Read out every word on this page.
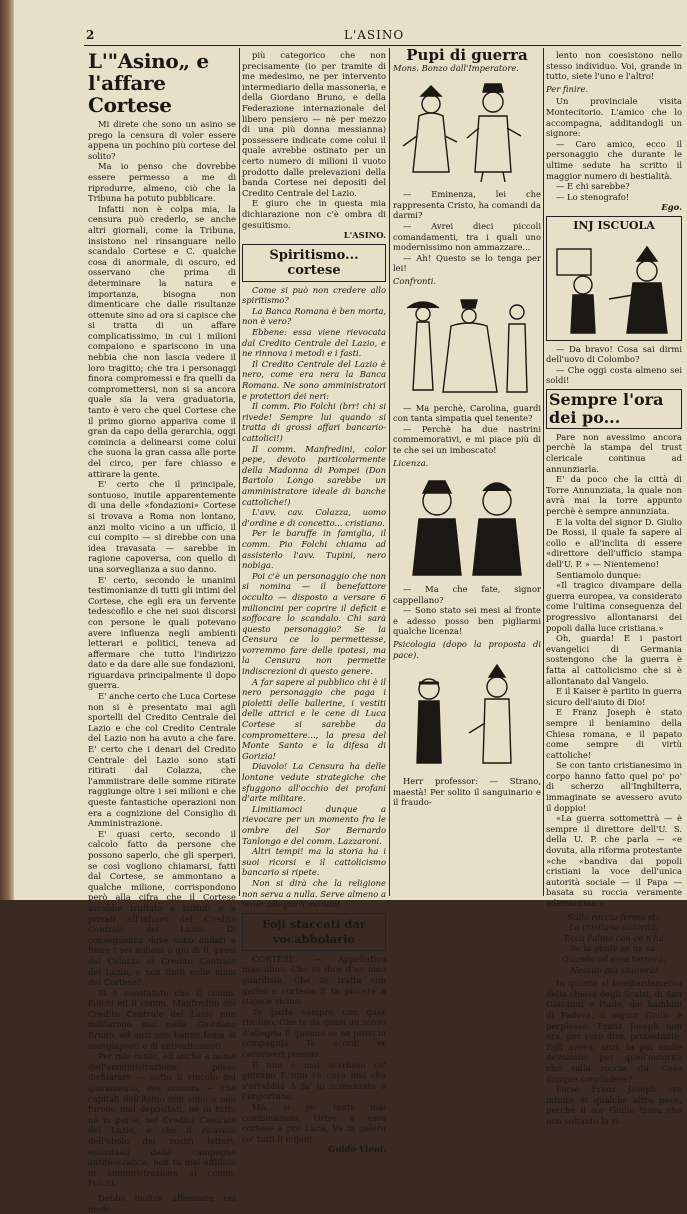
2	L'ASINO
L'"Asino„ e l'affare Cortese

Mi direte che sono un asino se prego la censura di voler essere appena un pochino più cortese del solito?

Ma io penso che dovrebbe essere permesso a me di riprodurre, almeno, ciò che la Tribuna ha potuto pubblicare.

Infatti non è colpa mia, la censura può crederlo, se anche altri giornali, come la Tribuna, insistono nel rinsanguare nello scandalo Cortese e C. qualche cosa di anormale, di oscuro, ed osservano che prima di determinare la natura e importanza, bisogna non dimenticare che dalle risultanze ottenute sino ad ora si capisce che si tratta di un affare complicatissimo, in cui i milioni compaiono e spariscono in una nebbia che non lascia vedere il loro tragitto; che tra i personaggi finora compromessi e fra quelli da compromettersi, non si sa ancora quale sia la vera graduatoria, tanto è vero che quel Cortese che il primo giorno appariva come il gran da capo della gerarchia, oggi comincia a delinearsi come colui che suona la gran cassa alle porte del circo, per fare chiasso e attirare la gente.

E' certo che il principale, sontuoso, inutile apparentemente di una delle «fondazioni» Cortese si trovava a Roma non lontano, anzi molto vicino a un ufficio, il cui compito — si direbbe con una idea travasata — sarebbe in ragione capoversa, con quello di una sorveglianza a suo danno.

E' certo, secondo le unanimi testimonianze di tutti gli intimi del Cortese, che egli era un fervente tedescofilo e che nei suoi discorsi con persone le quali potevano avere influenza negli ambienti letterari e politici, teneva ad affermare che tutto l'indirizzo dato e da dare alle sue fondazioni, riguardava principalmente il dopo guerra.

E' anche certo che Luca Cortese non si è presentato mai agli sportelli del Credito Centrale del Lazio e che col Credito Centrale del Lazio non ha avuto a che fare. E' certo che i denari del Credito Centrale del Lazio sono stati ritirati dal Colazza, che l'ammiistrare delle somme ritirate raggiunge oltre i sei milioni e che queste fantastiche operazioni non era a cognizione del Consiglio di Amministrazione.

E' quasi certo, secondo il calcolo fatto da persone che possono saperlo, che gli sperperi, se così vogliono chiamarsi, fatti dal Cortese, se ammontano a qualche milione, corrispondono però alla cifra che il Cortese avrebbe truffato a istituti e a privati all'infuori del Credito Centrale del Lazio. Di conseguenza dove sono andati a finire i sei milioni o giù di lì, presi dal Colazza al Credito Centrale del Lazio, e non finiti nelle mani del Cortese?

Si è constatato che il comm. Folchi ed il comm. Manfredini del Credito Centrale del Lazio non militarono mai nella Giordano Bruno, ed anzi non hanno fama di mangiapreti e di antivaticanisti.

Per mio conto, ed anche a nome dell'amministrazione, posso dichiarare — sotto il vincolo del giuramento, ove occorra — che capitali dell'Asino non sono e non furono mai depositati, nè in tutto nè in parte, nel Credito Centrale del Lazio, e che il ricavato dell'obolo dei nostri lettori, entusiasti della campagna antiteocratica, non fu mai affidato in amministrazione al comm. Folchi.

Debbo inoltre affermare nel modo

più categorico che non precisamente (io per tramite di me medesimo, ne per intervento intermediario della massoneria, e della Giordano Bruno, e della Federazione internazionale del libero pensiero — nè per mezzo di una più donna messianna) possessere indicate come colui il quale avrebbe ostinato per un certo numero di milioni il vuoto prodotto dalle prelevazioni della banda Cortese nei depositi del Credito Centrale del Lazio.

E giuro che in questa mia dichiarazione non c'è ombra di gesuitismo.

L'ASINO.
Spiritismo... cortese

Come si può non credere allo spiritismo?

La Banca Romana è ben morta, non è vero?

Ebbene: essa viene rievocata dal Credito Centrale del Lazio, e ne rinnova i metodi e i fasti.

Il Credito Centrale del Lazio è nero, come era nera la Banca Romana. Ne sono amministratori e protettori dei neri:

Il comm. Pio Folchi (brr! chi si rivede! Sempre lui quando si tratta di grossi affari bancario-cattolici!)

Il comm. Manfredini, color pepe, devoto particolarmente della Madonna di Pompei (Don Bartolo Longo sarebbe un amministratore ideale di banche cattoliche!)

L'avv. cav. Colazza, uomo d'ordine e di concetto... cristiano.

Per le baruffe in famiglia, il comm. Pio Folchi chiama ad assisterlo l'avv. Tupini, nero nobiga.

Poi c'è un personaggio che non si nomina — il benefattore occulto — disposto a versare 6 milioncini per coprire il deficit e soffocare lo scandalo. Chi sarà questo personaggio? Se la Censura ce lo permettesse, vorremmo fare delle ipotesi, ma la Censura non permette indiscrezioni di questo genere.

A far sapere al pubblico chi è il nero personaggio che paga i pioletti delle ballerine, i vestiti delle attrici e le cene di Luca Cortese si sarebbe da compromettere..., la presa del Monte Santo e la difesa di Gorizia!

Diavolo! La Censura ha delle lontane vedute strategiche che sfuggono all'occhio dei profani d'arte militare.

Limitiamoci dunque a rievocare per un momento fra le ombre del Sor Bernardo Tanlongo e del comm. Lazzaroni.

Altri tempi! ma la storia ha i suoi ricorsi e il cattolicismo bancario si ripete.

Non si dirà che la religione non serva a nulla. Serve almeno a tener allegro il mondo!

Foji staccati dar vocabbolario

CORTESE. — Appellativo masculino. Che se dice d'un omo guardisia. Che te tratta con garbo e cortesia E ta piacere a stajece vicino.

Te parla sempre con quer risolino, Che te da quasi un senso d'allegria E quanno se ne provi in compagnia Te scordi er caroviveri persino.

E nun è mai scarbaso co' gnisuno E nun ce casa mai che s'arrabbia A fa' lo screanzato e l'importuno.

Ma, si pe' tante mai combinazioni, Ortre a esse cortese a pro Luca, Va in galera co' tutti li mijoni.

Guido Vieni.
Pupi di guerra
Mons. Bonzo dall'Imperatore.

— Eminenza, lei che rappresenta Cristo, ha comandi da darmi?

— Avrei dieci piccoli comandamenti, tra i quali uno modernissimo non ammazzare...

— Ah! Questo se lo tenga per lei!

Confronti.

— Ma perchè, Carolina, guardi con tanta simpatia quel tenente?

— Perchè ha due nastrini commemorativi, e mi piace più di te che sei un imboscato!

Licenza.

— Ma che fate, signor cappellano?

— Sono stato sei mesi al fronte e adesso posso ben pigliarmi qualche licenza!

Psicologia (dopo la proposta di pace).

Herr professor: — Strano, maestà! Per solito il sanguinario e il fraudo-

lento non coesistono nello stesso individuo. Voi, grande in tutto, siete l'uno e l'altro!

Per finire.

Un provinciale visita Montecitorio. L'amico che lo accompagna, additandogli un signore:

— Caro amico, ecco il personaggio che durante le ultime sedute ha scritto il maggior numero di bestialità.

— E chi sarebbe?

— Lo stenografo!

Ego.
INJ ISCUOLA

— Da bravo! Cosa sai dirmi dell'uovo di Colombo?

— Che oggi costa almeno sei soldi!

Sempre l'ora dei po...

Pare non avessimo ancora perchè la stampa del trust clericale continua ad annunziarla.

E' da poco che la città di Torre Annunziata, la quale non avrà mai la torre appunto perchè è sempre annunziata.

E la volta del signor D. Giulio De Rossi, il quale fa sapere al collo e all'inclita di essere «direttore dell'ufficio stampa dell'U. P. » — Nientemeno!

Sentiamolo dunque:

«Il tragico divampare della guerra europea, va considerato come l'ultima conseguenza del progressivo allontanarsi dei popoli dalla luce cristiana.»

Oh, guarda! E i pastori evangelici di Germania sostengono che la guerra è fatta al cattolicismo che si è allontanato dal Vangelo.

E il Kaiser è partito in guerra sicuro dell'aiuto di Dio!

E Franz Joseph è stato sempre il beniamino della Chiesa romana, e il papato come sempre di virtù cattoliche!

Se con tanto cristianesimo in corpo hanno fatto quel po' po' di scherzo all'Inghilterra, immaginate se avessero avuto il doppio!

«La guerra sottomettrà — è sempre il direttore dell'U. S. della U. P. che parla — «e dovuta, alla riforma protestante »che «bandiva dai popoli cristiani la voce dell'unica autorità sociale — il Papa — basata su roccia veramente adamantina.»

Sulla roccia ferma sta

La cristiana autorità;

Ecco l'alma con ce n'ha

Se la gente se ne va.

Quando ad essa tornerà,

Nessun più siturerà!

In quanto al bombardamento della chiesa degli Scalzi, di San Giovanni e Paolo, dei bambini di Padova, il signor Giulio è perplesso: Franz Joseph non era, per vero dire, protestante. Egli aveva, anzi, la più umile devozione per quell'autorità che sulla roccia sta. Cosa dunque concludere?

Forse Franz Joseph era intinto di qualche altra pece, perchè il sor Giulio trova che non soltanto la ri-
